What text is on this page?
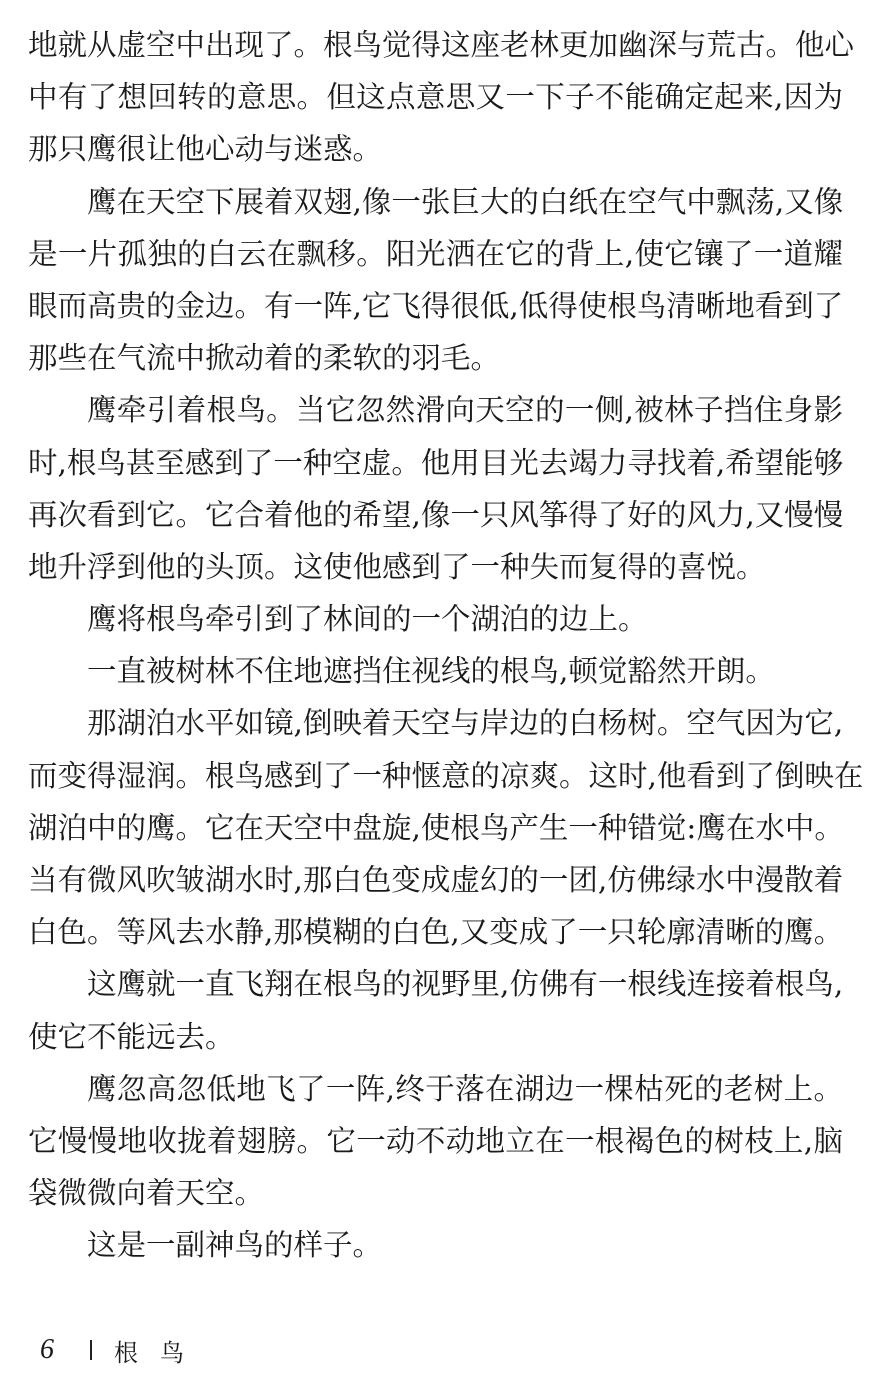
地就从虚空中出现了。根鸟觉得这座老林更加幽深与荒古。他心
中有了想回转的意思。但这点意思又一下子不能确定起来,因为
那只鹰很让他心动与迷惑。
鹰在天空下展着双翅,像一张巨大的白纸在空气中飘荡,又像
是一片孤独的白云在飘移。阳光洒在它的背上,使它镶了一道耀
眼而高贵的金边。有一阵,它飞得很低,低得使根鸟清晰地看到了
那些在气流中掀动着的柔软的羽毛。
鹰牵引着根鸟。当它忽然滑向天空的一侧,被林子挡住身影
时,根鸟甚至感到了一种空虚。他用目光去竭力寻找着,希望能够
再次看到它。它合着他的希望,像一只风筝得了好的风力,又慢慢
地升浮到他的头顶。这使他感到了一种失而复得的喜悦。
鹰将根鸟牵引到了林间的一个湖泊的边上。
一直被树林不住地遮挡住视线的根鸟,顿觉豁然开朗。
那湖泊水平如镜,倒映着天空与岸边的白杨树。空气因为它,
而变得湿润。根鸟感到了一种惬意的凉爽。这时,他看到了倒映在
湖泊中的鹰。它在天空中盘旋,使根鸟产生一种错觉:鹰在水中。
当有微风吹皱湖水时,那白色变成虚幻的一团,仿佛绿水中漫散着
白色。等风去水静,那模糊的白色,又变成了一只轮廓清晰的鹰。
这鹰就一直飞翔在根鸟的视野里,仿佛有一根线连接着根鸟,
使它不能远去。
鹰忽高忽低地飞了一阵,终于落在湖边一棵枯死的老树上。
它慢慢地收拢着翅膀。它一动不动地立在一根褐色的树枝上,脑
袋微微向着天空。
这是一副神鸟的样子。
6	根鸟
